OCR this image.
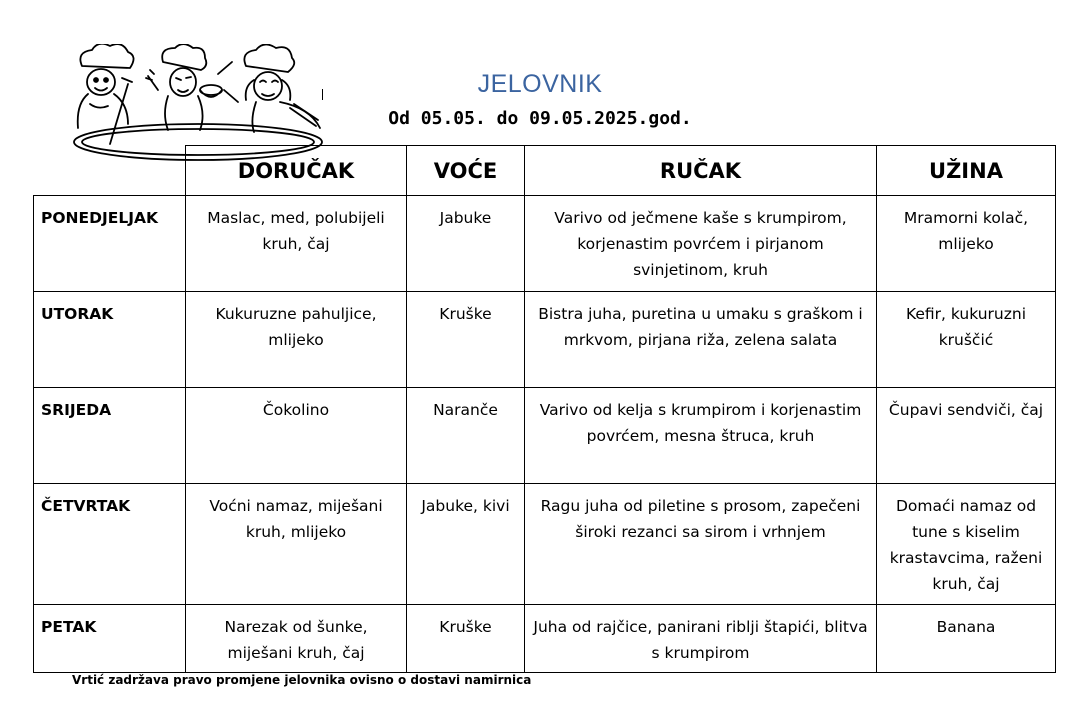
JELOVNIK
Od 05.05. do 09.05.2025.god.
	DORUČAK	VOĆE	RUČAK	UŽINA
PONEDJELJAK	Maslac, med, polubijeli kruh, čaj	Jabuke	Varivo od ječmene kaše s krumpirom, korjenastim povrćem i pirjanom svinjetinom, kruh	Mramorni kolač, mlijeko
UTORAK	Kukuruzne pahuljice, mlijeko	Kruške	Bistra juha, puretina u umaku s graškom i mrkvom, pirjana riža, zelena salata	Kefir, kukuruzni kruščić
SRIJEDA	Čokolino	Naranče	Varivo od kelja s krumpirom i korjenastim povrćem, mesna štruca, kruh	Čupavi sendviči, čaj
ČETVRTAK	Voćni namaz, miješani kruh, mlijeko	Jabuke, kivi	Ragu juha od piletine s prosom, zapečeni široki rezanci sa sirom i vrhnjem	Domaći namaz od tune s kiselim krastavcima, raženi kruh, čaj
PETAK	Narezak od šunke, miješani kruh, čaj	Kruške	Juha od rajčice, panirani riblji štapići, blitva s krumpirom	Banana
Vrtić zadržava pravo promjene jelovnika ovisno o dostavi namirnica
